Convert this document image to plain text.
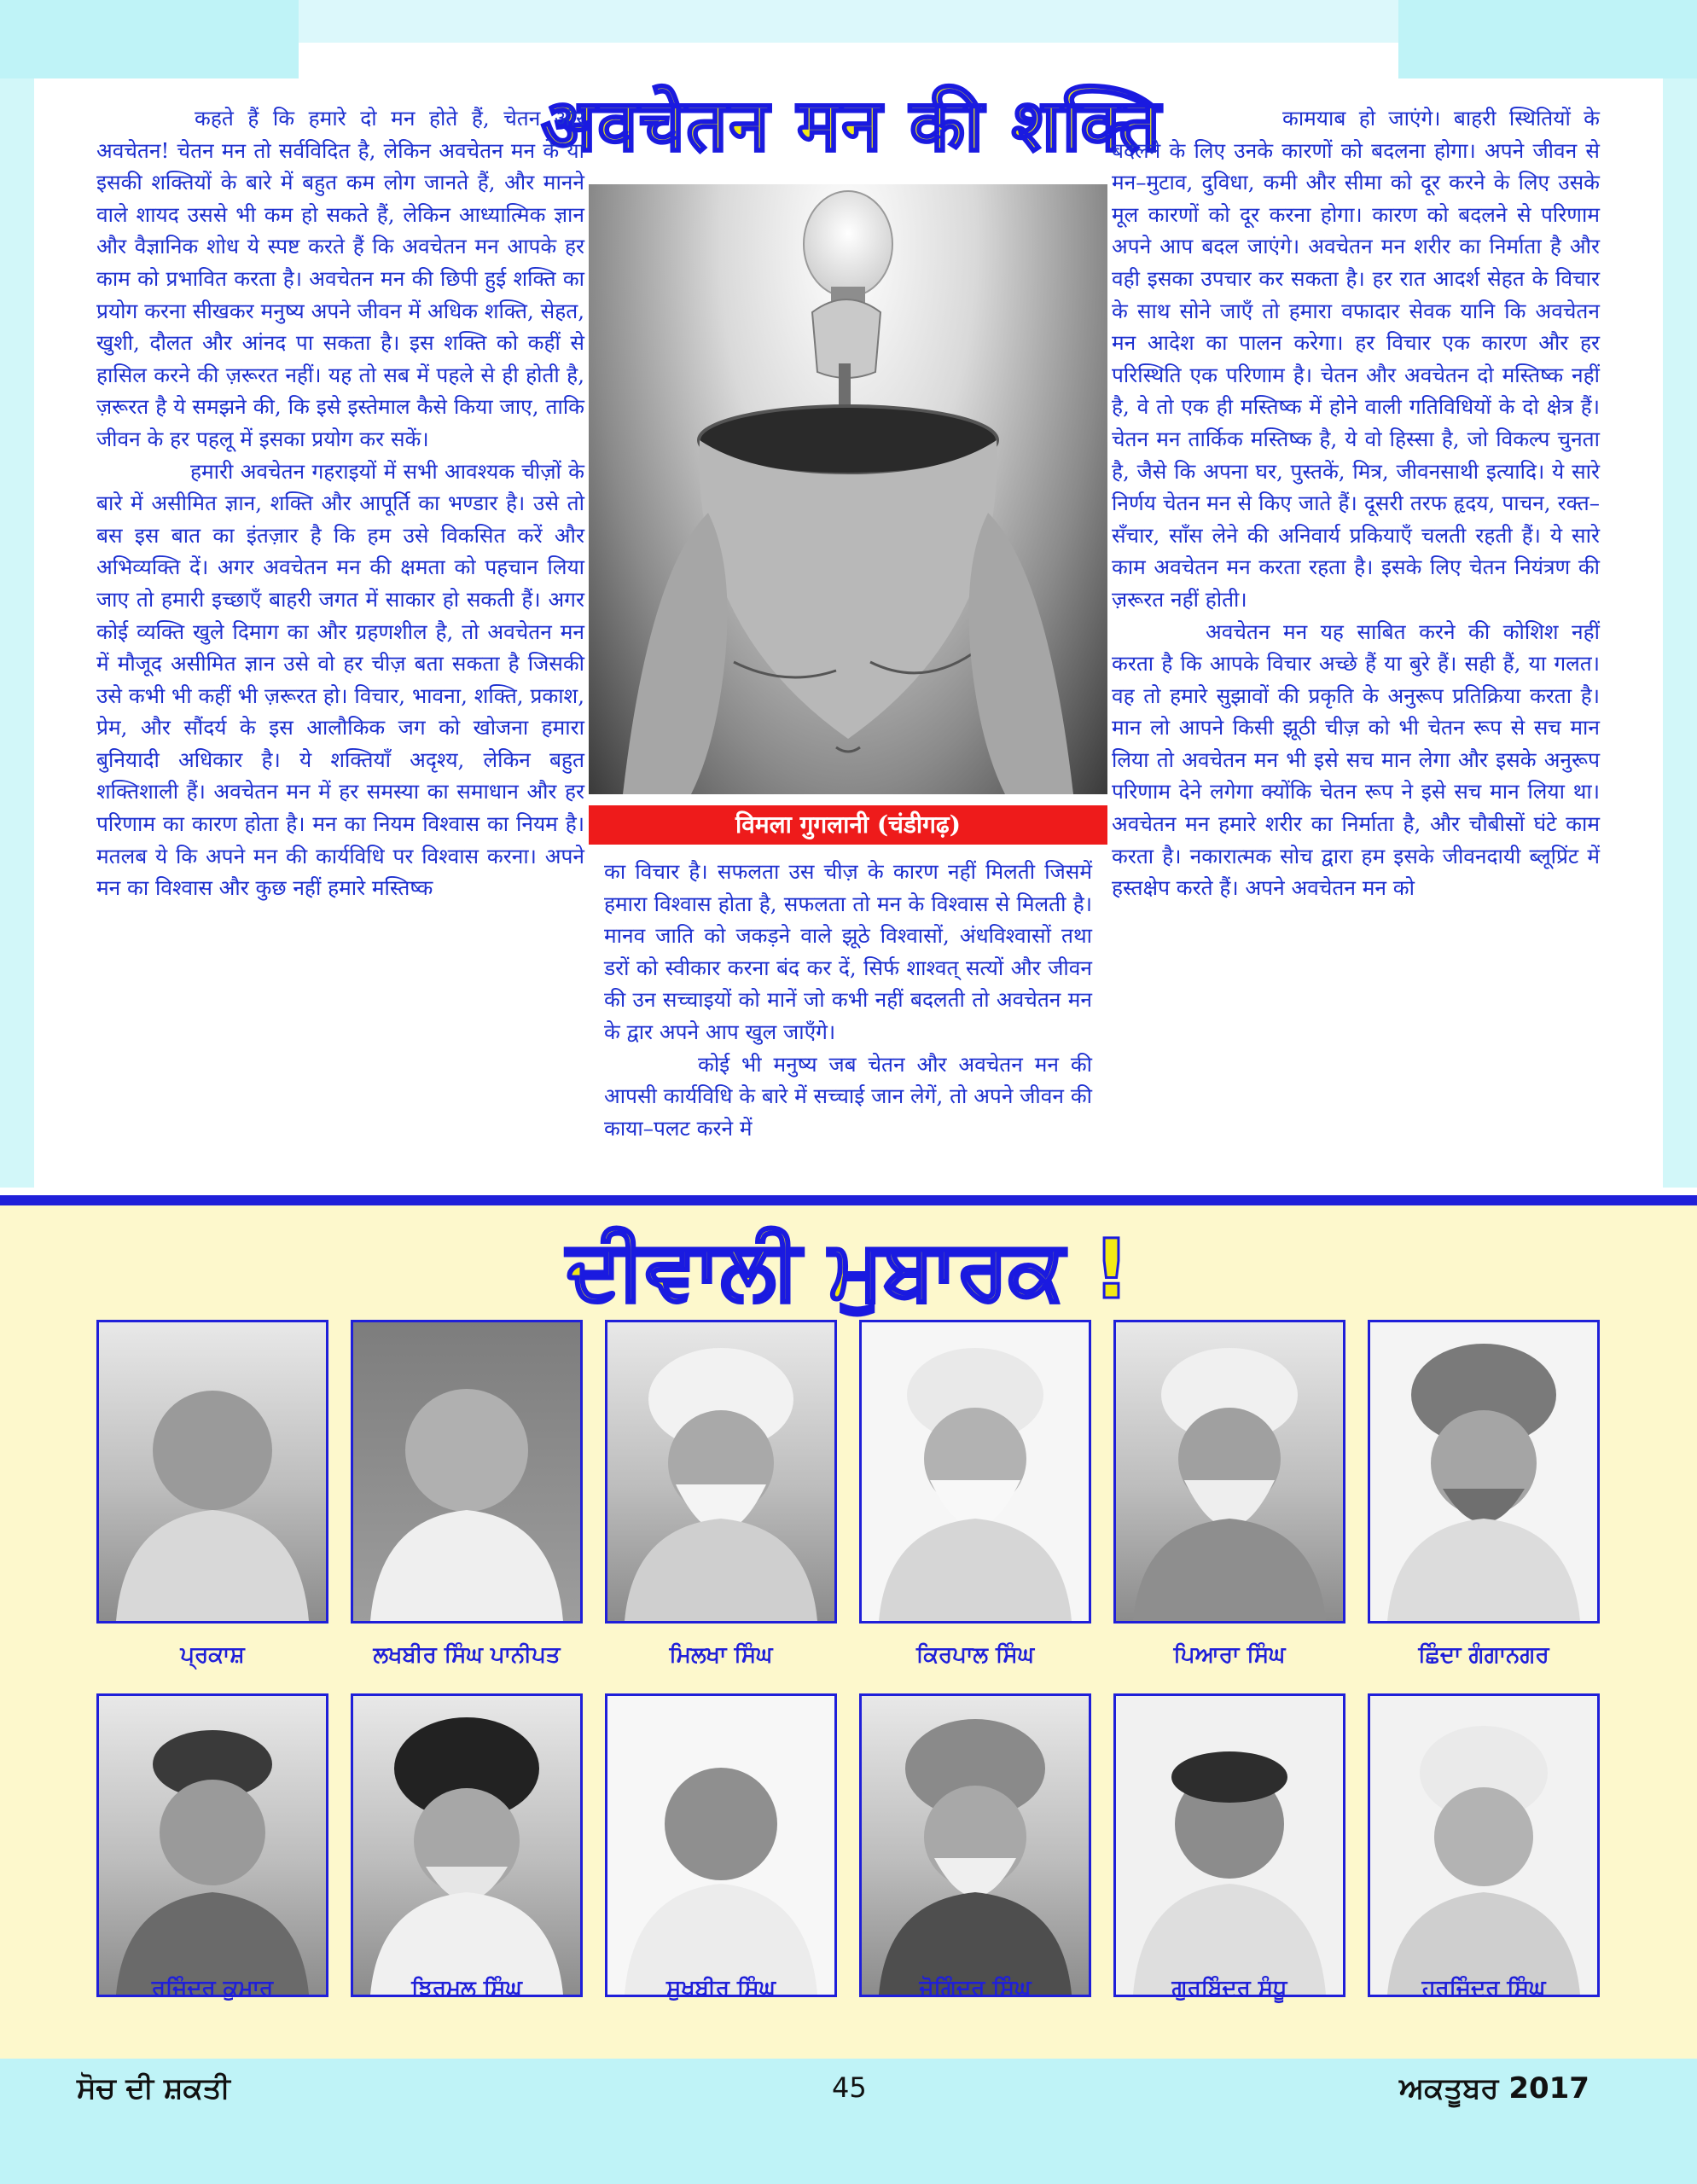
अवचेतन मन की शक्ति

कहते हैं कि हमारे दो मन होते हैं, चेतन और अवचेतन! चेतन मन तो सर्वविदित है, लेकिन अवचेतन मन के या इसकी शक्तियों के बारे में बहुत कम लोग जानते हैं, और मानने वाले शायद उससे भी कम हो सकते हैं, लेकिन आध्यात्मिक ज्ञान और वैज्ञानिक शोध ये स्पष्ट करते हैं कि अवचेतन मन आपके हर काम को प्रभावित करता है। अवचेतन मन की छिपी हुई शक्ति का प्रयोग करना सीखकर मनुष्य अपने जीवन में अधिक शक्ति, सेहत, खुशी, दौलत और आंनद पा सकता है। इस शक्ति को कहीं से हासिल करने की ज़रूरत नहीं। यह तो सब में पहले से ही होती है, ज़रूरत है ये समझने की, कि इसे इस्तेमाल कैसे किया जाए, ताकि जीवन के हर पहलू में इसका प्रयोग कर सकें।

हमारी अवचेतन गहराइयों में सभी आवश्यक चीज़ों के बारे में असीमित ज्ञान, शक्ति और आपूर्ति का भण्डार है। उसे तो बस इस बात का इंतज़ार है कि हम उसे विकसित करें और अभिव्यक्ति दें। अगर अवचेतन मन की क्षमता को पहचान लिया जाए तो हमारी इच्छाएँ बाहरी जगत में साकार हो सकती हैं। अगर कोई व्यक्ति खुले दिमाग का और ग्रहणशील है, तो अवचेतन मन में मौजूद असीमित ज्ञान उसे वो हर चीज़ बता सकता है जिसकी उसे कभी भी कहीं भी ज़रूरत हो। विचार, भावना, शक्ति, प्रकाश, प्रेम, और सौंदर्य के इस आलौकिक जग को खोजना हमारा बुनियादी अधिकार है। ये शक्तियाँ अदृश्य, लेकिन बहुत शक्तिशाली हैं। अवचेतन मन में हर समस्या का समाधान और हर परिणाम का कारण होता है। मन का नियम विश्वास का नियम है। मतलब ये कि अपने मन की कार्यविधि पर विश्वास करना। अपने मन का विश्वास और कुछ नहीं हमारे मस्तिष्क

विमला गुगलानी (चंडीगढ़)

का विचार है। सफलता उस चीज़ के कारण नहीं मिलती जिसमें हमारा विश्वास होता है, सफलता तो मन के विश्वास से मिलती है। मानव जाति को जकड़ने वाले झूठे विश्वासों, अंधविश्वासों तथा डरों को स्वीकार करना बंद कर दें, सिर्फ शाश्वत् सत्यों और जीवन की उन सच्चाइयों को मानें जो कभी नहीं बदलती तो अवचेतन मन के द्वार अपने आप खुल जाएँगे।

कोई भी मनुष्य जब चेतन और अवचेतन मन की आपसी कार्यविधि के बारे में सच्चाई जान लेगें, तो अपने जीवन की काया–पलट करने में

कामयाब हो जाएंगे। बाहरी स्थितियों के बदलने के लिए उनके कारणों को बदलना होगा। अपने जीवन से मन–मुटाव, दुविधा, कमी और सीमा को दूर करने के लिए उसके मूल कारणों को दूर करना होगा। कारण को बदलने से परिणाम अपने आप बदल जाएंगे। अवचेतन मन शरीर का निर्माता है और वही इसका उपचार कर सकता है। हर रात आदर्श सेहत के विचार के साथ सोने जाएँ तो हमारा वफादार सेवक यानि कि अवचेतन मन आदेश का पालन करेगा। हर विचार एक कारण और हर परिस्थिति एक परिणाम है। चेतन और अवचेतन दो मस्तिष्क नहीं है, वे तो एक ही मस्तिष्क में होने वाली गतिविधियों के दो क्षेत्र हैं। चेतन मन तार्किक मस्तिष्क है, ये वो हिस्सा है, जो विकल्प चुनता है, जैसे कि अपना घर, पुस्तकें, मित्र, जीवनसाथी इत्यादि। ये सारे निर्णय चेतन मन से किए जाते हैं। दूसरी तरफ हृदय, पाचन, रक्त–सँचार, साँस लेने की अनिवार्य प्रकियाएँ चलती रहती हैं। ये सारे काम अवचेतन मन करता रहता है। इसके लिए चेतन नियंत्रण की ज़रूरत नहीं होती।

अवचेतन मन यह साबित करने की कोशिश नहीं करता है कि आपके विचार अच्छे हैं या बुरे हैं। सही हैं, या गलत। वह तो हमारे सुझावों की प्रकृति के अनुरूप प्रतिक्रिया करता है। मान लो आपने किसी झूठी चीज़ को भी चेतन रूप से सच मान लिया तो अवचेतन मन भी इसे सच मान लेगा और इसके अनुरूप परिणाम देने लगेगा क्योंकि चेतन रूप ने इसे सच मान लिया था। अवचेतन मन हमारे शरीर का निर्माता है, और चौबीसों घंटे काम करता है। नकारात्मक सोच द्वारा हम इसके जीवनदायी ब्लूप्रिंट में हस्तक्षेप करते हैं। अपने अवचेतन मन को

ਦੀਵਾਲੀ ਮੁਬਾਰਕ !
ਪ੍ਰਕਾਸ਼	ਲਖਬੀਰ ਸਿੰਘ ਪਾਨੀਪਤ	ਮਿਲਖਾ ਸਿੰਘ	ਕਿਰਪਾਲ ਸਿੰਘ	ਪਿਆਰਾ ਸਿੰਘ	ਛਿੰਦਾ ਗੰਗਾਨਗਰ
ਰਜਿੰਦਰ ਕੁਮਾਰ	ਝਿਰਮਲ ਸਿੰਘ	ਸੁਖਬੀਰ ਸਿੰਘ	ਜੋਗਿੰਦਰ ਸਿੰਘ	ਗੁਰਬਿੰਦਰ ਸੰਧੂ	ਹਰਜਿੰਦਰ ਸਿੰਘ
ਸੋਚ ਦੀ ਸ਼ਕਤੀ	45	ਅਕਤੂਬਰ 2017
